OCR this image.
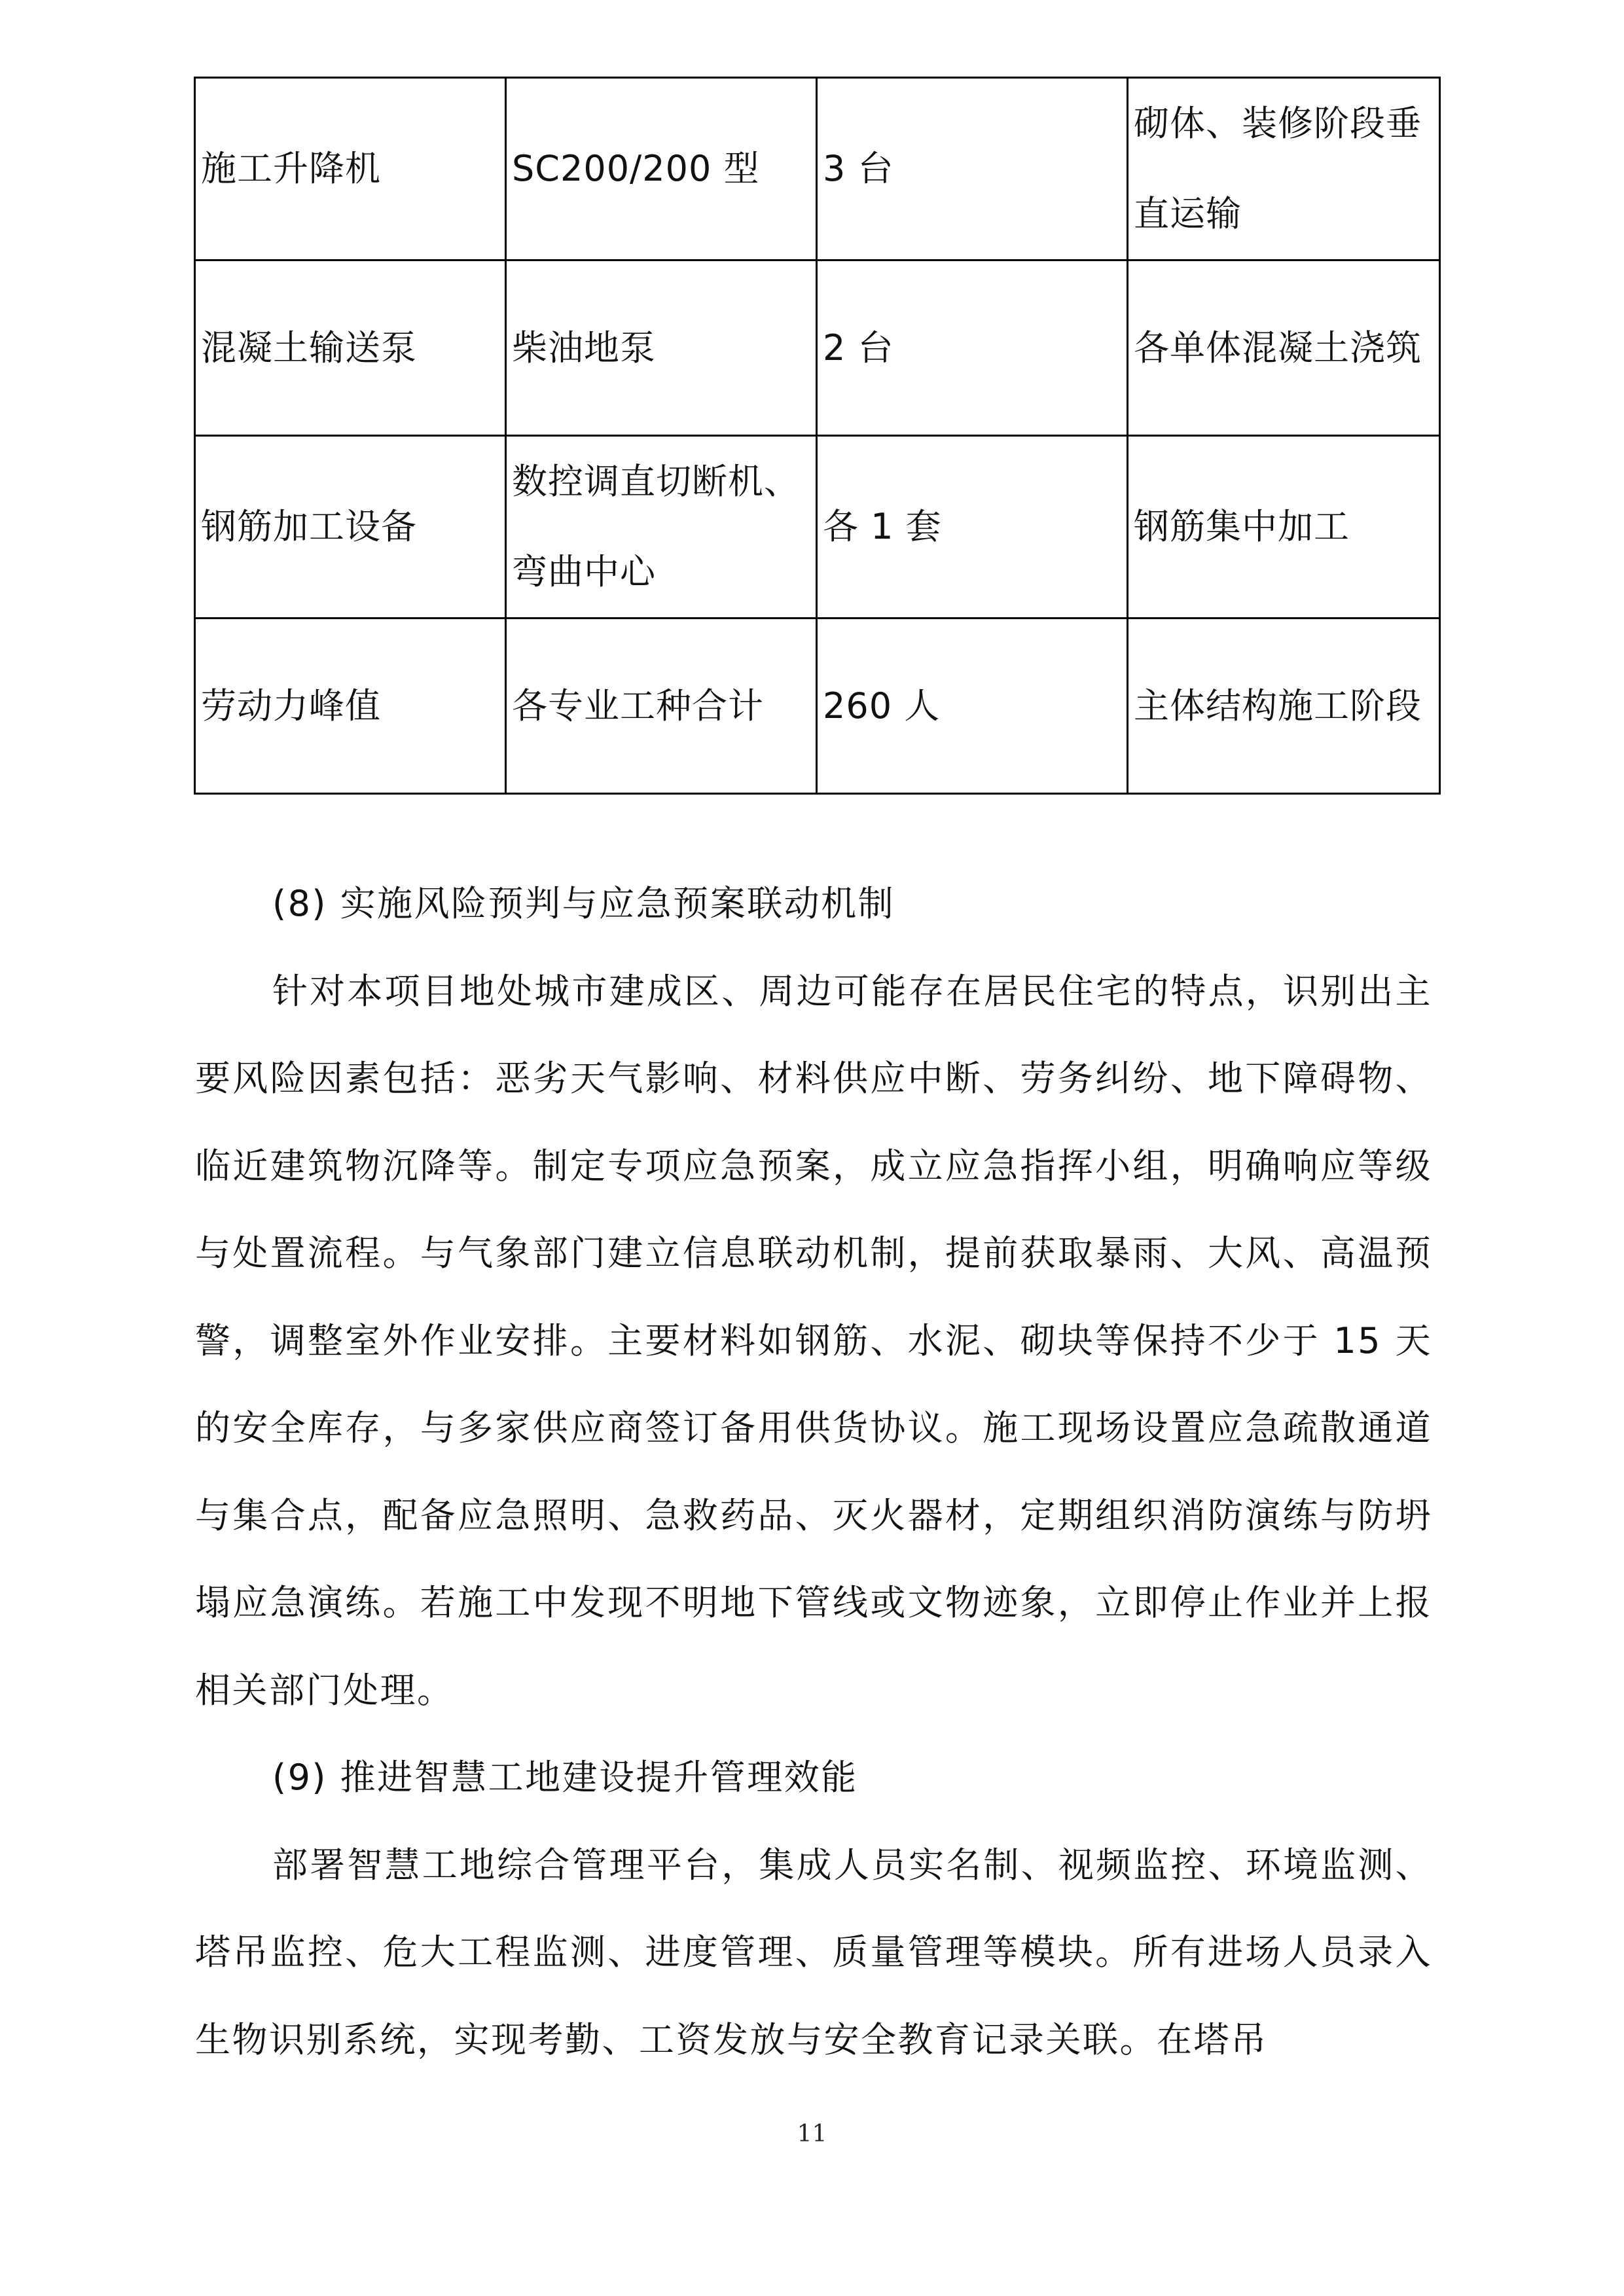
施工升降机	SC200/200 型	3 台	砌体、装修阶段垂直运输
混凝土输送泵	柴油地泵	2 台	各单体混凝土浇筑
钢筋加工设备	数控调直切断机、弯曲中心	各 1 套	钢筋集中加工
劳动力峰值	各专业工种合计	260 人	主体结构施工阶段

(8) 实施风险预判与应急预案联动机制

针对本项目地处城市建成区、周边可能存在居民住宅的特点，识别出主要风险因素包括：恶劣天气影响、材料供应中断、劳务纠纷、地下障碍物、临近建筑物沉降等。制定专项应急预案，成立应急指挥小组，明确响应等级与处置流程。与气象部门建立信息联动机制，提前获取暴雨、大风、高温预警，调整室外作业安排。主要材料如钢筋、水泥、砌块等保持不少于 15 天的安全库存，与多家供应商签订备用供货协议。施工现场设置应急疏散通道与集合点，配备应急照明、急救药品、灭火器材，定期组织消防演练与防坍塌应急演练。若施工中发现不明地下管线或文物迹象，立即停止作业并上报相关部门处理。

(9) 推进智慧工地建设提升管理效能

部署智慧工地综合管理平台，集成人员实名制、视频监控、环境监测、塔吊监控、危大工程监测、进度管理、质量管理等模块。所有进场人员录入生物识别系统，实现考勤、工资发放与安全教育记录关联。在塔吊

11
